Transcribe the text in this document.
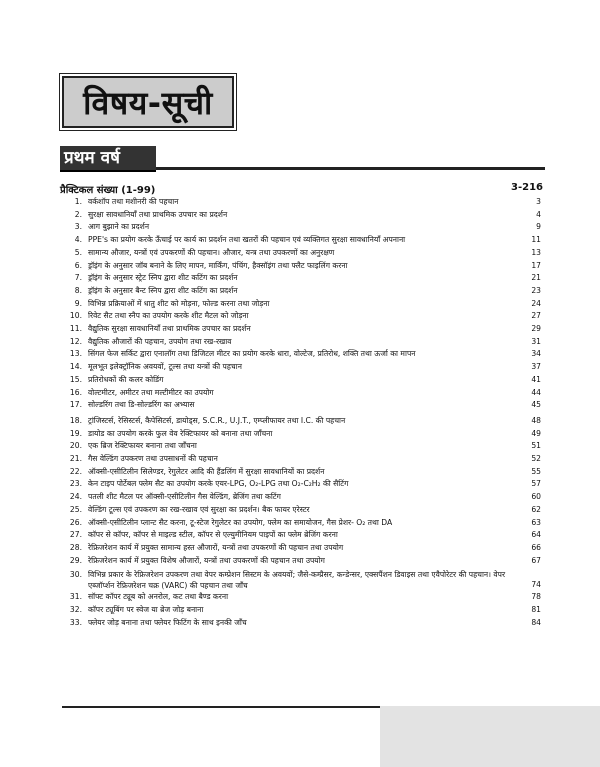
विषय-सूची
प्रथम वर्ष
प्रैक्टिकल संख्या (1-99)	3-216
1. वर्कशॉप तथा मशीनरी की पहचान	3
2. सुरक्षा सावधानियाँ तथा प्राथमिक उपचार का प्रदर्शन	4
3. आग बुझाने का प्रदर्शन	9
4. PPE's का प्रयोग करके ऊँचाई पर कार्य का प्रदर्शन तथा खतरों की पहचान एवं व्यक्तिगत सुरक्षा सावधानियाँ अपनाना	11
5. सामान्य औजार, यन्त्रों एवं उपकरणों की पहचान। औजार, यन्त्र तथा उपकरणों का अनुरक्षण	13
6. ड्रॉइंग के अनुसार जॉब बनाने के लिए मापन, मार्किंग, पंचिंग, हैक्सॉइंग तथा फ्लैट फाइलिंग करना	17
7. ड्रॉइंग के अनुसार स्ट्रेट स्निप द्वारा शीट कटिंग का प्रदर्शन	21
8. ड्रॉइंग के अनुसार बैन्ट स्निप द्वारा शीट कटिंग का प्रदर्शन	23
9. विभिन्न प्रक्रियाओं में धातु शीट को मोड़ना, फोल्ड करना तथा जोड़ना	24
10. रिवेट सैट तथा स्नैप का उपयोग करके शीट मैटल को जोड़ना	27
11. वैद्युतिक सुरक्षा सावधानियाँ तथा प्राथमिक उपचार का प्रदर्शन	29
12. वैद्युतिक औजारों की पहचान, उपयोग तथा रख-रखाव	31
13. सिंगल फेज सर्किट द्वारा एनालॉग तथा डिजिटल मीटर का प्रयोग करके धारा, वोल्टेज, प्रतिरोध, शक्ति तथा ऊर्जा का मापन	34
14. मूलभूत इलेक्ट्रॉनिक अवयवों, टूल्स तथा यन्त्रों की पहचान	37
15. प्रतिरोधकों की कलर कोडिंग	41
16. वोल्टमीटर, अमीटर तथा मल्टीमीटर का उपयोग	44
17. सोल्डरिंग तथा डि-सोल्डरिंग का अभ्यास	45
18. ट्रांजिस्टर्स, रेसिस्टर्स, कैपेसिटर्स, डायोड्स, S.C.R., U.J.T., एम्प्लीफायर तथा I.C. की पहचान	48
19. डायोड का उपयोग करके फुल वेव रेक्टिफायर को बनाना तथा जाँचना	49
20. एक ब्रिज रेक्टिफायर बनाना तथा जाँचना	51
21. गैस वेल्डिंग उपकरण तथा उपसाधनों की पहचान	52
22. ऑक्सी-एसीटिलीन सिलेण्डर, रेगुलेटर आदि की हैंडलिंग में सुरक्षा सावधानियों का प्रदर्शन	55
23. केन टाइप पोर्टेबल फ्लेम सैट का उपयोग करके एयर-LPG, O₂-LPG तथा O₂-C₂H₂ की सैटिंग	57
24. पतली शीट मैटल पर ऑक्सी-एसीटिलीन गैस वेल्डिंग, ब्रेजिंग तथा कटिंग	60
25. वेल्डिंग टूल्स एवं उपकरण का रख-रखाव एवं सुरक्षा का प्रदर्शन। बैक फायर एरेस्टर	62
26. ऑक्सी-एसीटिलीन प्लान्ट सैट करना, टू-स्टेज रेगुलेटर का उपयोग, फ्लेम का समायोजन, गैस प्रेशर- O₂ तथा DA	63
27. कॉपर से कॉपर, कॉपर से माइल्ड स्टील, कॉपर से एल्युमीनियम पाइपों का फ्लेम ब्रेजिंग करना	64
28. रेफ्रिजरेशन कार्य में प्रयुक्त सामान्य हस्त औजारों, यन्त्रों तथा उपकरणों की पहचान तथा उपयोग	66
29. रेफ्रिजरेशन कार्य में प्रयुक्त विशेष औजारों, यन्त्रों तथा उपकरणों की पहचान तथा उपयोग	67
30. विभिन्न प्रकार के रेफ्रिजरेशन उपकरण तथा वेपर कम्प्रेशन सिस्टम के अवयवों; जैसे-कम्प्रैसर, कन्डेन्सर, एक्सपैंशन डिवाइस तथा एवैपोरेटर की पहचान। वेपर एब्जॉर्प्शन रेफ्रिजरेशन चक्र (VARC) की पहचान तथा जाँच	74
31. सॉफ्ट कॉपर ट्यूब को अनरोल, कट तथा बैण्ड करना	78
32. कॉपर ट्यूबिंग पर स्वेज या ब्रेज जोड़ बनाना	81
33. फ्लेयर जोड़ बनाना तथा फ्लेयर फिटिंग के साथ इनकी जाँच	84
